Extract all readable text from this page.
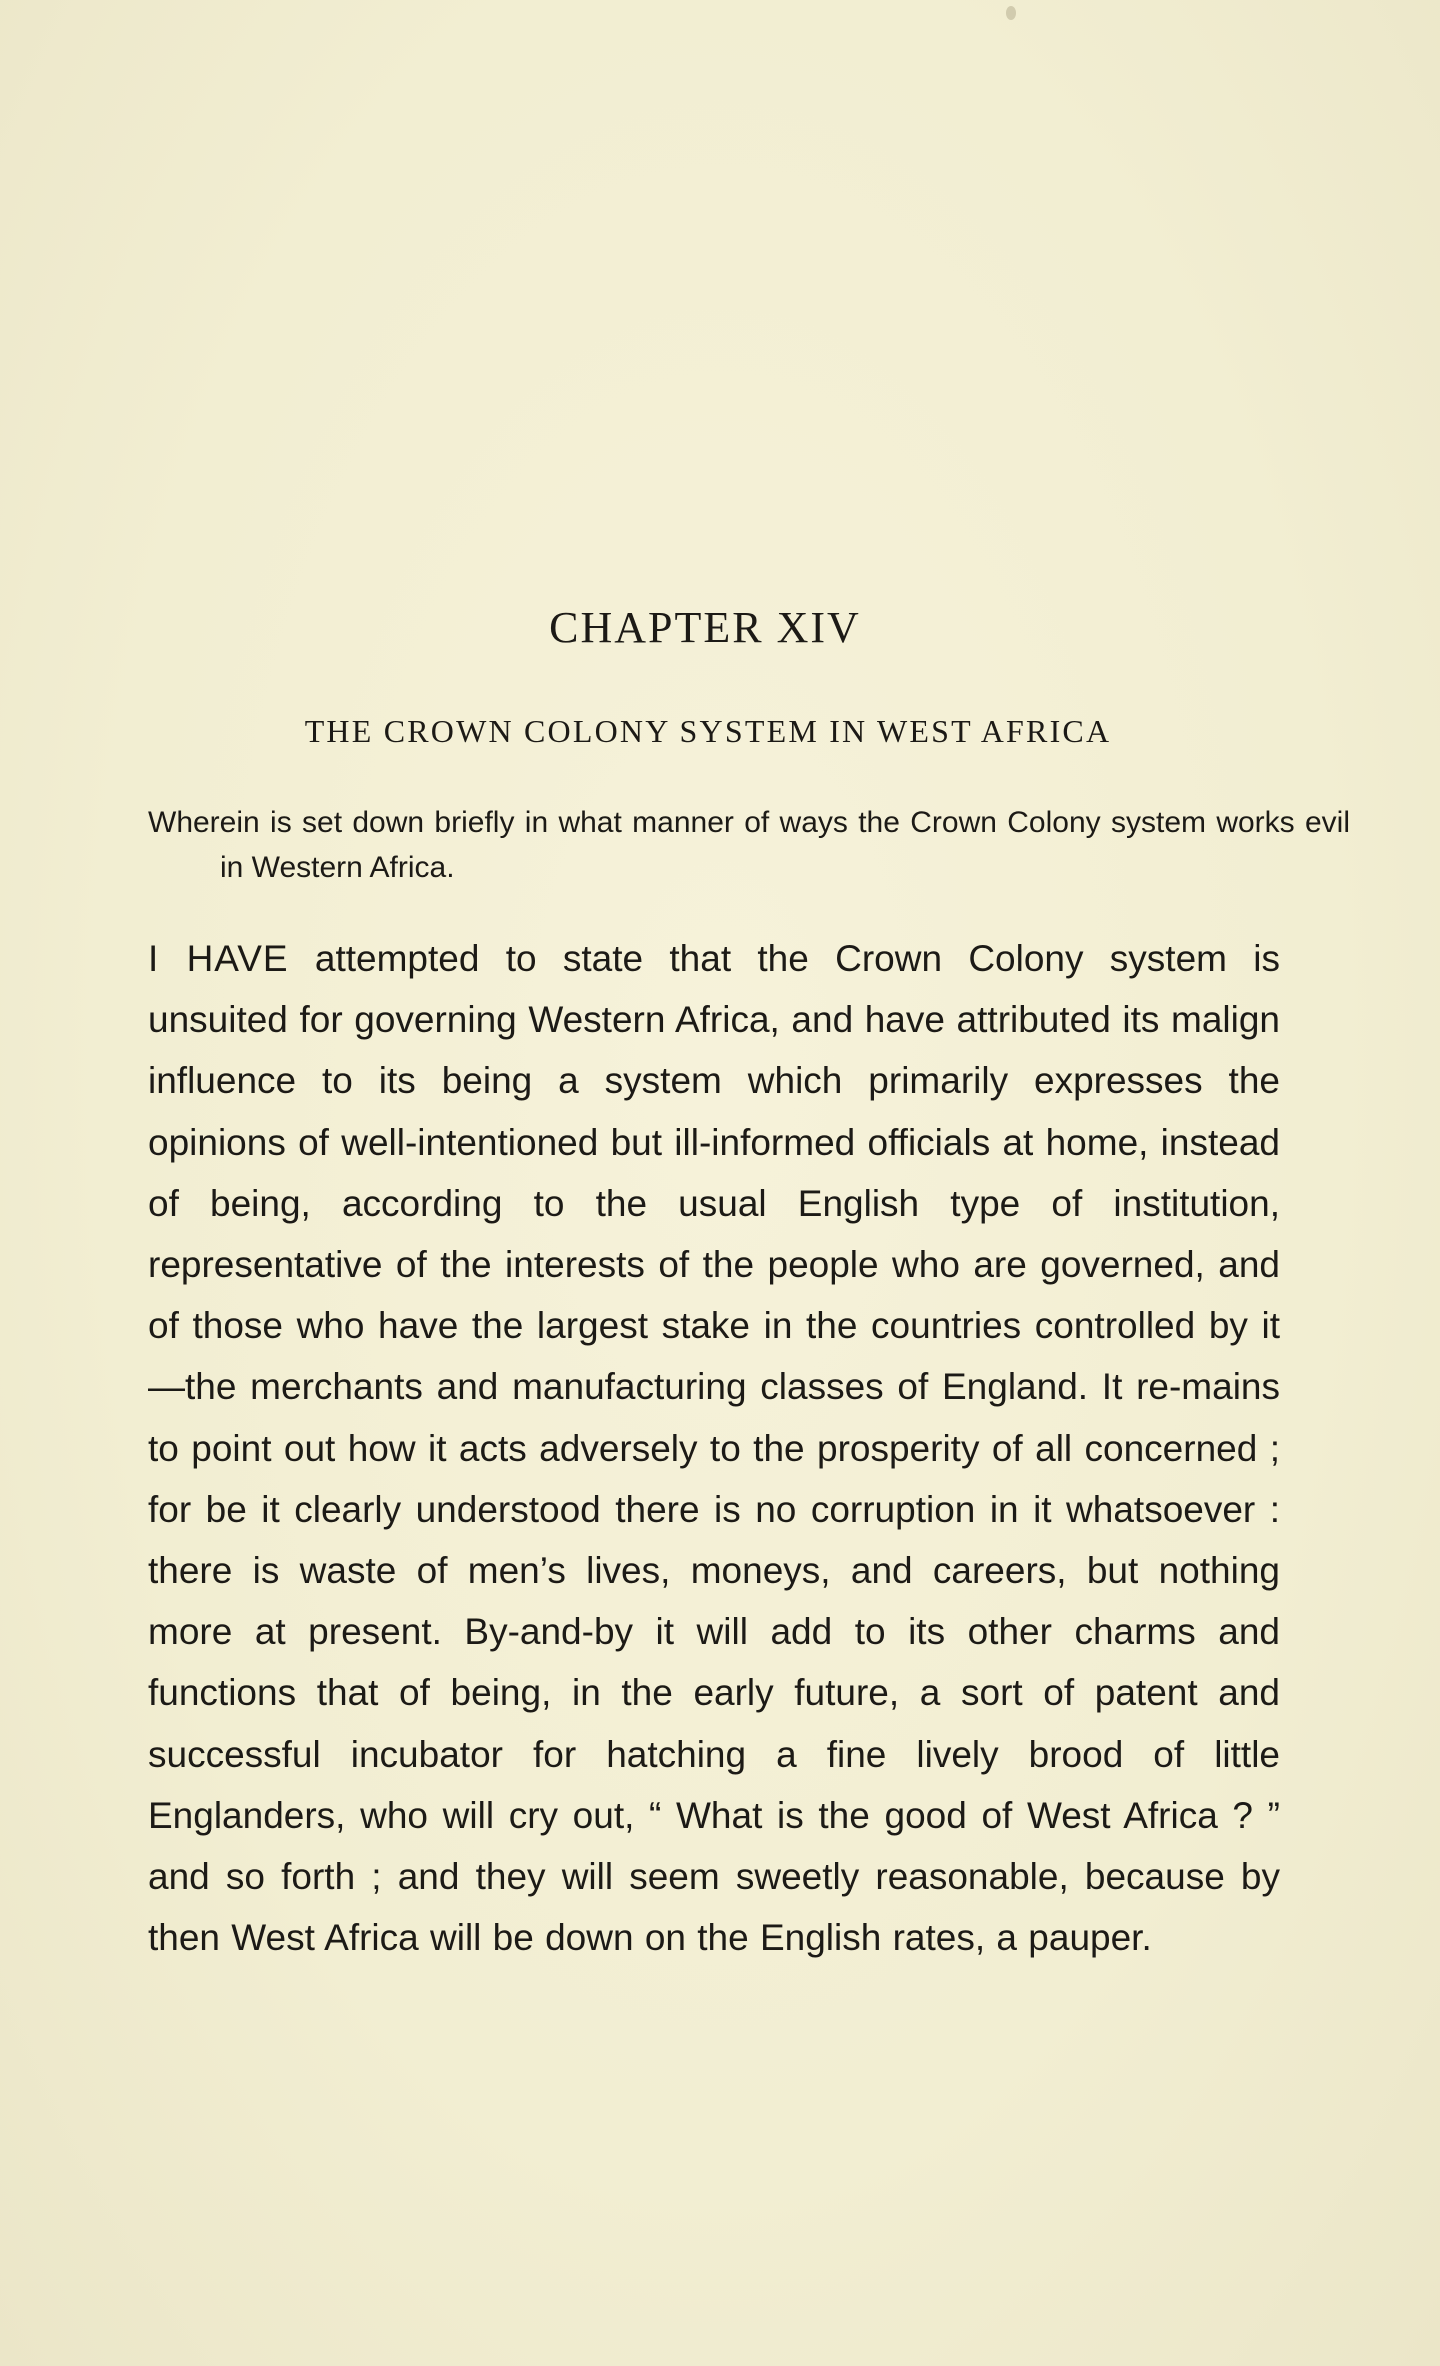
CHAPTER XIV
THE CROWN COLONY SYSTEM IN WEST AFRICA
Wherein is set down briefly in what manner of ways the Crown Colony system works evil in Western Africa.
I HAVE attempted to state that the Crown Colony system is unsuited for governing Western Africa, and have attributed its malign influence to its being a system which primarily expresses the opinions of well-intentioned but ill-informed officials at home, instead of being, according to the usual English type of institution, representative of the interests of the people who are governed, and of those who have the largest stake in the countries controlled by it—the merchants and manufacturing classes of England. It re-mains to point out how it acts adversely to the prosperity of all concerned ; for be it clearly understood there is no corruption in it whatsoever : there is waste of men’s lives, moneys, and careers, but nothing more at present. By-and-by it will add to its other charms and functions that of being, in the early future, a sort of patent and successful incubator for hatching a fine lively brood of little Englanders, who will cry out, “ What is the good of West Africa ? ” and so forth ; and they will seem sweetly reasonable, because by then West Africa will be down on the English rates, a pauper.
